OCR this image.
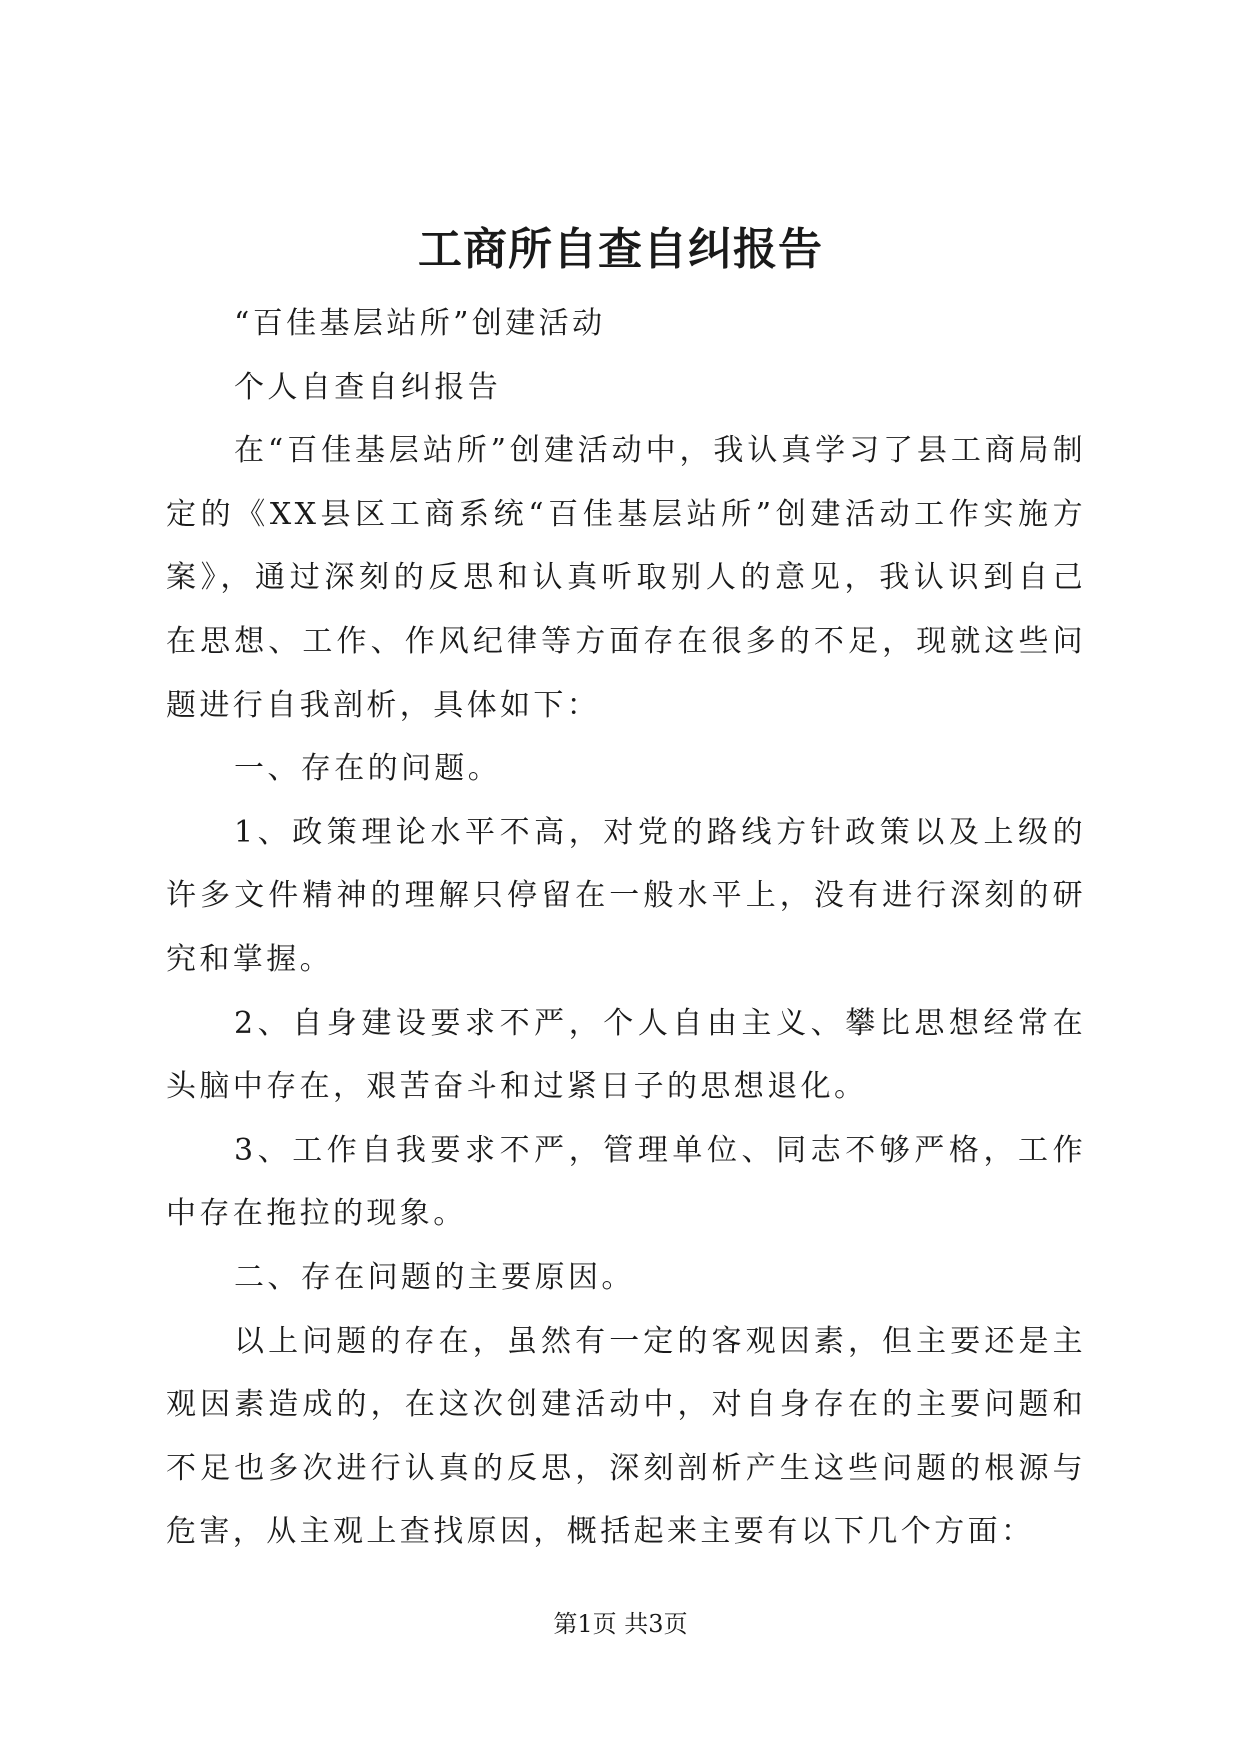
工商所自查自纠报告

“百佳基层站所”创建活动

个人自查自纠报告

在“百佳基层站所”创建活动中，我认真学习了县工商局制定的《XX县区工商系统“百佳基层站所”创建活动工作实施方案》，通过深刻的反思和认真听取别人的意见，我认识到自己在思想、工作、作风纪律等方面存在很多的不足，现就这些问题进行自我剖析，具体如下：

一、存在的问题。

1、政策理论水平不高，对党的路线方针政策以及上级的许多文件精神的理解只停留在一般水平上，没有进行深刻的研究和掌握。

2、自身建设要求不严，个人自由主义、攀比思想经常在头脑中存在，艰苦奋斗和过紧日子的思想退化。

3、工作自我要求不严，管理单位、同志不够严格，工作中存在拖拉的现象。

二、存在问题的主要原因。

以上问题的存在，虽然有一定的客观因素，但主要还是主观因素造成的，在这次创建活动中，对自身存在的主要问题和不足也多次进行认真的反思，深刻剖析产生这些问题的根源与危害，从主观上查找原因，概括起来主要有以下几个方面：

第1页 共3页
